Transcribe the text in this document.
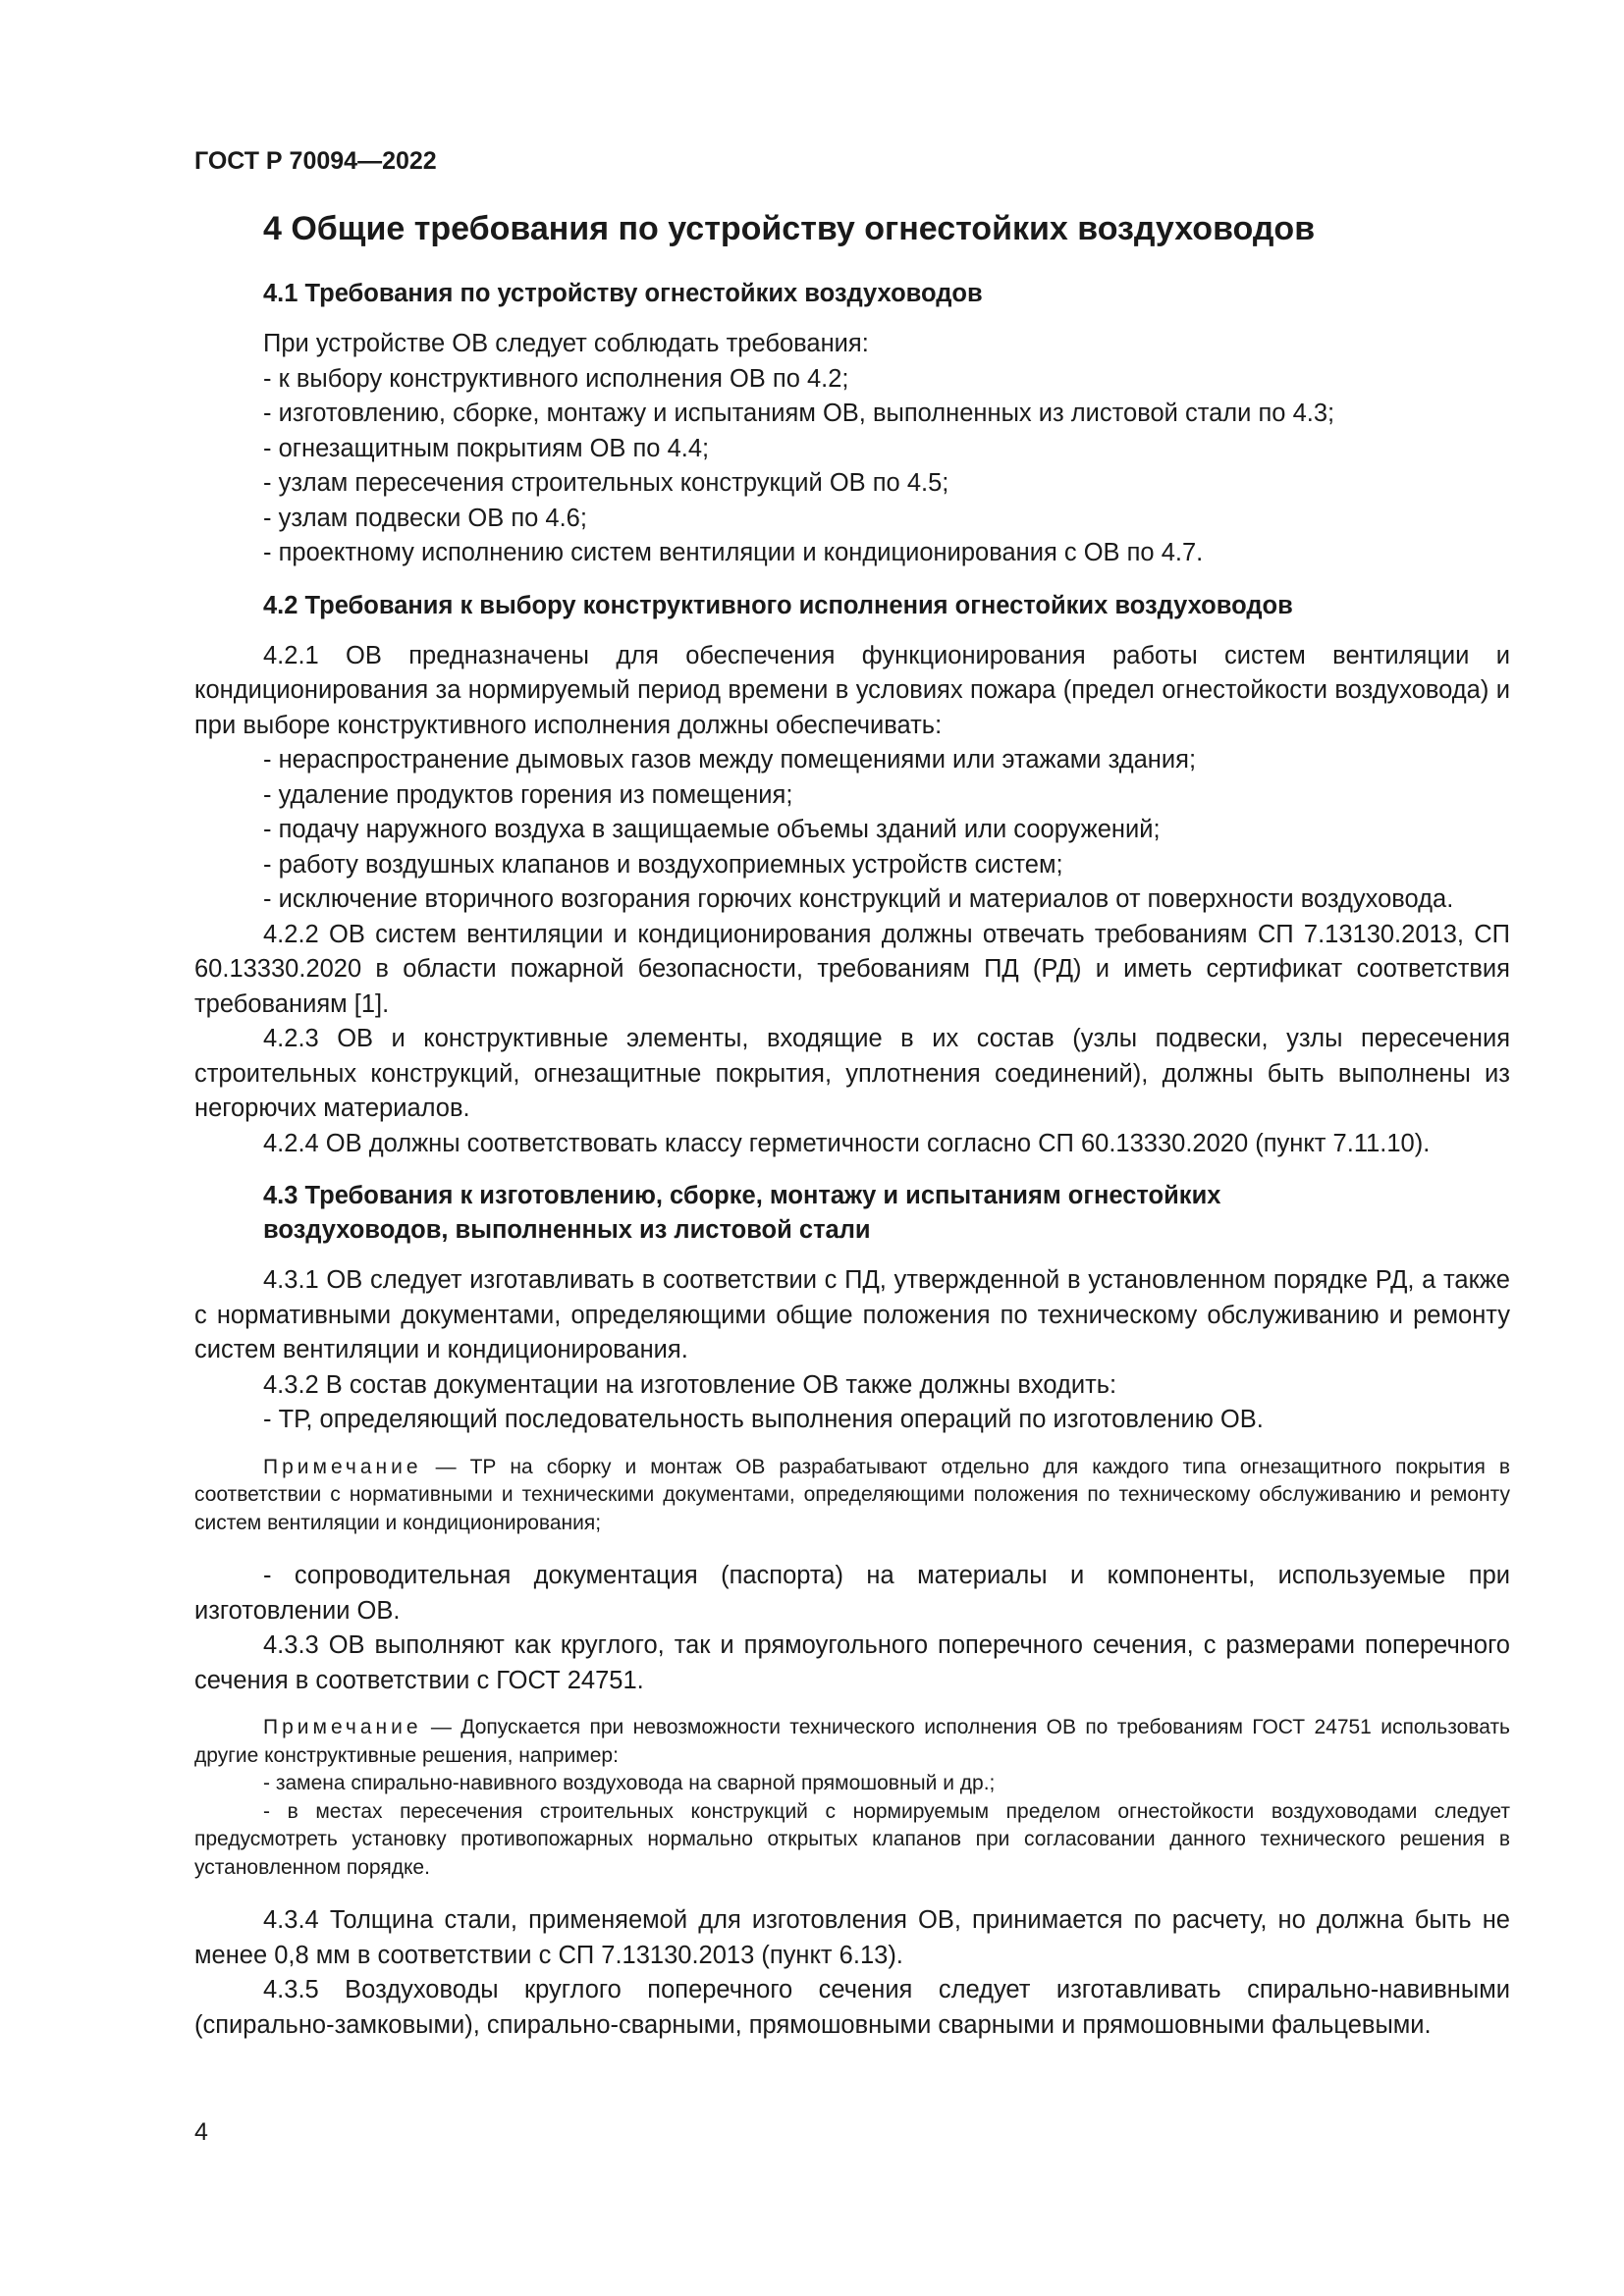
ГОСТ Р 70094—2022
4 Общие требования по устройству огнестойких воздуховодов
4.1 Требования по устройству огнестойких воздуховодов

При устройстве ОВ следует соблюдать требования:

- к выбору конструктивного исполнения ОВ по 4.2;

- изготовлению, сборке, монтажу и испытаниям ОВ, выполненных из листовой стали по 4.3;

- огнезащитным покрытиям ОВ по 4.4;

- узлам пересечения строительных конструкций ОВ по 4.5;

- узлам подвески ОВ по 4.6;

- проектному исполнению систем вентиляции и кондиционирования с ОВ по 4.7.

4.2 Требования к выбору конструктивного исполнения огнестойких воздуховодов

4.2.1 ОВ предназначены для обеспечения функционирования работы систем вентиляции и кондиционирования за нормируемый период времени в условиях пожара (предел огнестойкости воздуховода) и при выборе конструктивного исполнения должны обеспечивать:

- нераспространение дымовых газов между помещениями или этажами здания;

- удаление продуктов горения из помещения;

- подачу наружного воздуха в защищаемые объемы зданий или сооружений;

- работу воздушных клапанов и воздухоприемных устройств систем;

- исключение вторичного возгорания горючих конструкций и материалов от поверхности воздуховода.

4.2.2 ОВ систем вентиляции и кондиционирования должны отвечать требованиям СП 7.13130.2013, СП 60.13330.2020 в области пожарной безопасности, требованиям ПД (РД) и иметь сертификат соответствия требованиям [1].

4.2.3 ОВ и конструктивные элементы, входящие в их состав (узлы подвески, узлы пересечения строительных конструкций, огнезащитные покрытия, уплотнения соединений), должны быть выполнены из негорючих материалов.

4.2.4 ОВ должны соответствовать классу герметичности согласно СП 60.13330.2020 (пункт 7.11.10).

4.3 Требования к изготовлению, сборке, монтажу и испытаниям огнестойких
воздуховодов, выполненных из листовой стали

4.3.1 ОВ следует изготавливать в соответствии с ПД, утвержденной в установленном порядке РД, а также с нормативными документами, определяющими общие положения по техническому обслуживанию и ремонту систем вентиляции и кондиционирования.

4.3.2 В состав документации на изготовление ОВ также должны входить:

- ТР, определяющий последовательность выполнения операций по изготовлению ОВ.

Примечание — ТР на сборку и монтаж ОВ разрабатывают отдельно для каждого типа огнезащитного покрытия в соответствии с нормативными и техническими документами, определяющими положения по техническому обслуживанию и ремонту систем вентиляции и кондиционирования;

- сопроводительная документация (паспорта) на материалы и компоненты, используемые при изготовлении ОВ.

4.3.3 ОВ выполняют как круглого, так и прямоугольного поперечного сечения, с размерами поперечного сечения в соответствии с ГОСТ 24751.

Примечание — Допускается при невозможности технического исполнения ОВ по требованиям ГОСТ 24751 использовать другие конструктивные решения, например:

- замена спирально-навивного воздуховода на сварной прямошовный и др.;

- в местах пересечения строительных конструкций с нормируемым пределом огнестойкости воздуховодами следует предусмотреть установку противопожарных нормально открытых клапанов при согласовании данного технического решения в установленном порядке.

4.3.4 Толщина стали, применяемой для изготовления ОВ, принимается по расчету, но должна быть не менее 0,8 мм в соответствии с СП 7.13130.2013 (пункт 6.13).

4.3.5 Воздуховоды круглого поперечного сечения следует изготавливать спирально-навивными (спирально-замковыми), спирально-сварными, прямошовными сварными и прямошовными фальцевыми.

4
